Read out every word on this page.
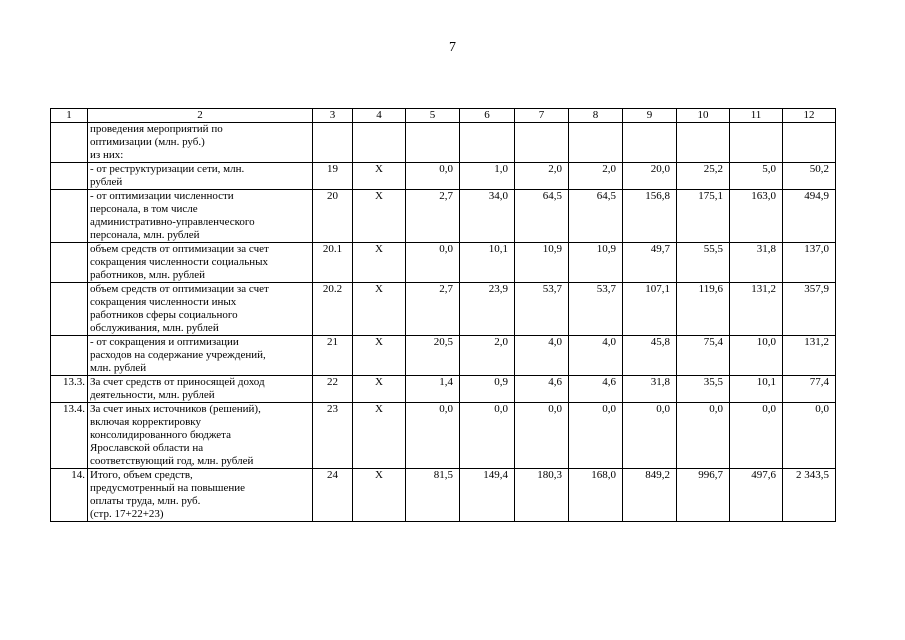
7
1	2	3	4	5	6	7	8	9	10	11	12

	проведения мероприятий по
оптимизации (млн. руб.)
из них:										

	- от реструктуризации сети, млн.
рублей	19	X	0,0	1,0	2,0	2,0	20,0	25,2	5,0	50,2

	- от оптимизации численности
персонала, в том числе
административно-управленческого
персонала, млн. рублей	20	X	2,7	34,0	64,5	64,5	156,8	175,1	163,0	494,9

	объем средств от оптимизации за счет
сокращения численности социальных
работников, млн. рублей	20.1	X	0,0	10,1	10,9	10,9	49,7	55,5	31,8	137,0

	объем средств от оптимизации за счет
сокращения численности иных
работников сферы социального
обслуживания, млн. рублей	20.2	X	2,7	23,9	53,7	53,7	107,1	119,6	131,2	357,9

	- от сокращения и оптимизации
расходов на содержание учреждений,
млн. рублей	21	X	20,5	2,0	4,0	4,0	45,8	75,4	10,0	131,2
13.3.	За счет средств от приносящей доход
деятельности, млн. рублей	22	X	1,4	0,9	4,6	4,6	31,8	35,5	10,1	77,4
13.4.	За счет иных источников (решений),
включая корректировку
консолидированного бюджета
Ярославской области на
соответствующий год, млн. рублей	23	X	0,0	0,0	0,0	0,0	0,0	0,0	0,0	0,0
14.	Итого, объем средств,
предусмотренный на повышение
оплаты труда, млн. руб.
(стр. 17+22+23)	24	X	81,5	149,4	180,3	168,0	849,2	996,7	497,6	2 343,5
